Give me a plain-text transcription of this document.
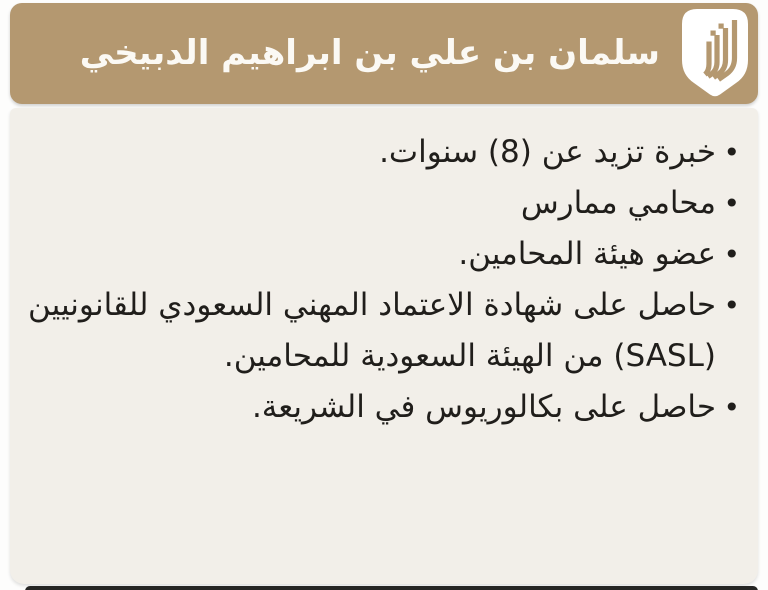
سلمان بن علي بن ابراهيم الدبيخي
• خبرة تزيد عن (8) سنوات.
• محامي ممارس
• عضو هيئة المحامين.
• حاصل على شهادة الاعتماد المهني السعودي للقانونيين (SASL) من الهيئة السعودية للمحامين.
• حاصل على بكالوريوس في الشريعة.
